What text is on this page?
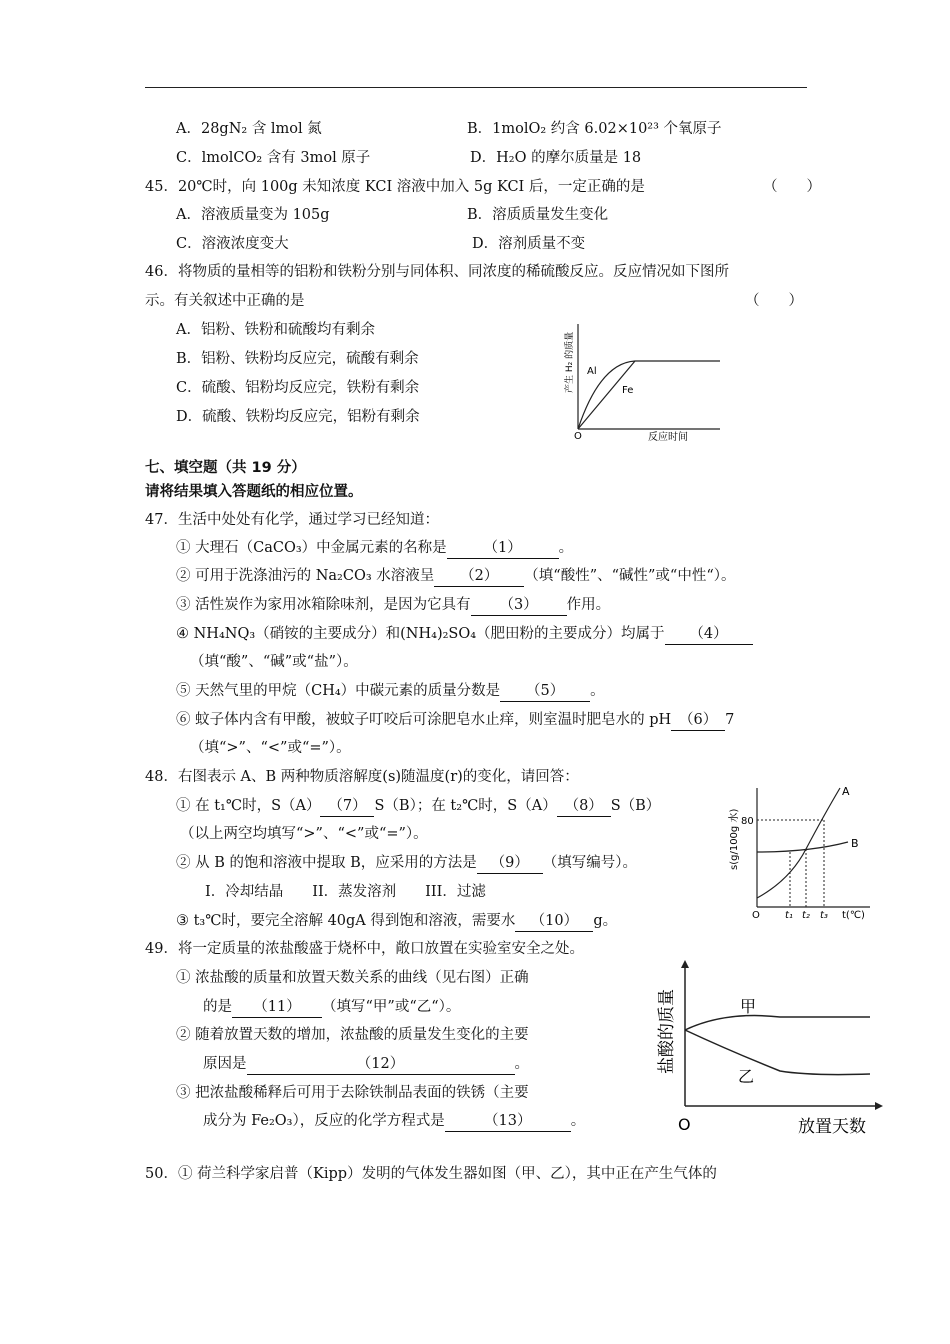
A．28gN₂ 含 lmol 氮	B．1molO₂ 约含 6.02×10²³ 个氧原子
C．lmolCO₂ 含有 3mol 原子	D．H₂O 的摩尔质量是 18
45．20℃时，向 100g 未知浓度 KCI 溶液中加入 5g KCI 后，一定正确的是	（　　）
A．溶液质量变为 105g	B．溶质质量发生变化
C．溶液浓度变大	D．溶剂质量不变
46．将物质的量相等的铝粉和铁粉分别与同体积、同浓度的稀硫酸反应。反应情况如下图所
示。有关叙述中正确的是	（　　）
A．铝粉、铁粉和硫酸均有剩余
B．铝粉、铁粉均反应完，硫酸有剩余
C．硫酸、铝粉均反应完，铁粉有剩余
D．硫酸、铁粉均反应完，铝粉有剩余
Al
Fe
O	反应时间
产生 H₂ 的质量
七、填空题（共 19 分）
请将结果填入答题纸的相应位置。
47．生活中处处有化学，通过学习已经知道：
① 大理石（CaCO₃）中金属元素的名称是	（1）	。
② 可用于洗涤油污的 Na₂CO₃ 水溶液呈 （2） （填“酸性”、“碱性”或“中性“）。
③ 活性炭作为家用冰箱除味剂，是因为它具有 （3） 作用。
④ NH₄NQ₃（硝铵的主要成分）和(NH₄)₂SO₄（肥田粉的主要成分）均属于 （4）
（填“酸”、“碱”或“盐”）。
⑤ 天然气里的甲烷（CH₄）中碳元素的质量分数是 （5） 。
⑥ 蚊子体内含有甲酸，被蚊子叮咬后可涂肥皂水止痒，则室温时肥皂水的 pH （6） 7
（填“>”、“<”或“=”）。
48．右图表示 A、B 两种物质溶解度(s)随温度(r)的变化，请回答：
① 在 t₁℃时，S（A） （7） S（B）；在 t₂℃时，S（A） （8） S（B）
（以上两空均填写“>”、“<”或“=”）。
② 从 B 的饱和溶液中提取 B，应采用的方法是 （9） （填写编号）。
I．冷却结晶　　II．蒸发溶剂　　III．过滤
③ t₃℃时，要完全溶解 40gA 得到饱和溶液，需要水 （10） g。
A
B
80
O	t₁ t₂ t₃ t(℃)
s(g/100g 水)
49．将一定质量的浓盐酸盛于烧杯中，敞口放置在实验室安全之处。
① 浓盐酸的质量和放置天数关系的曲线（见右图）正确
的是 （11） （填写“甲”或“乙“）。
② 随着放置天数的增加，浓盐酸的质量发生变化的主要
原因是	（12）	。
③ 把浓盐酸稀释后可用于去除铁制品表面的铁锈（主要
成分为 Fe₂O₃），反应的化学方程式是	（13）	。
甲
乙
O	放置天数
盐酸的质量
50．① 荷兰科学家启普（Kipp）发明的气体发生器如图（甲、乙），其中正在产生气体的
